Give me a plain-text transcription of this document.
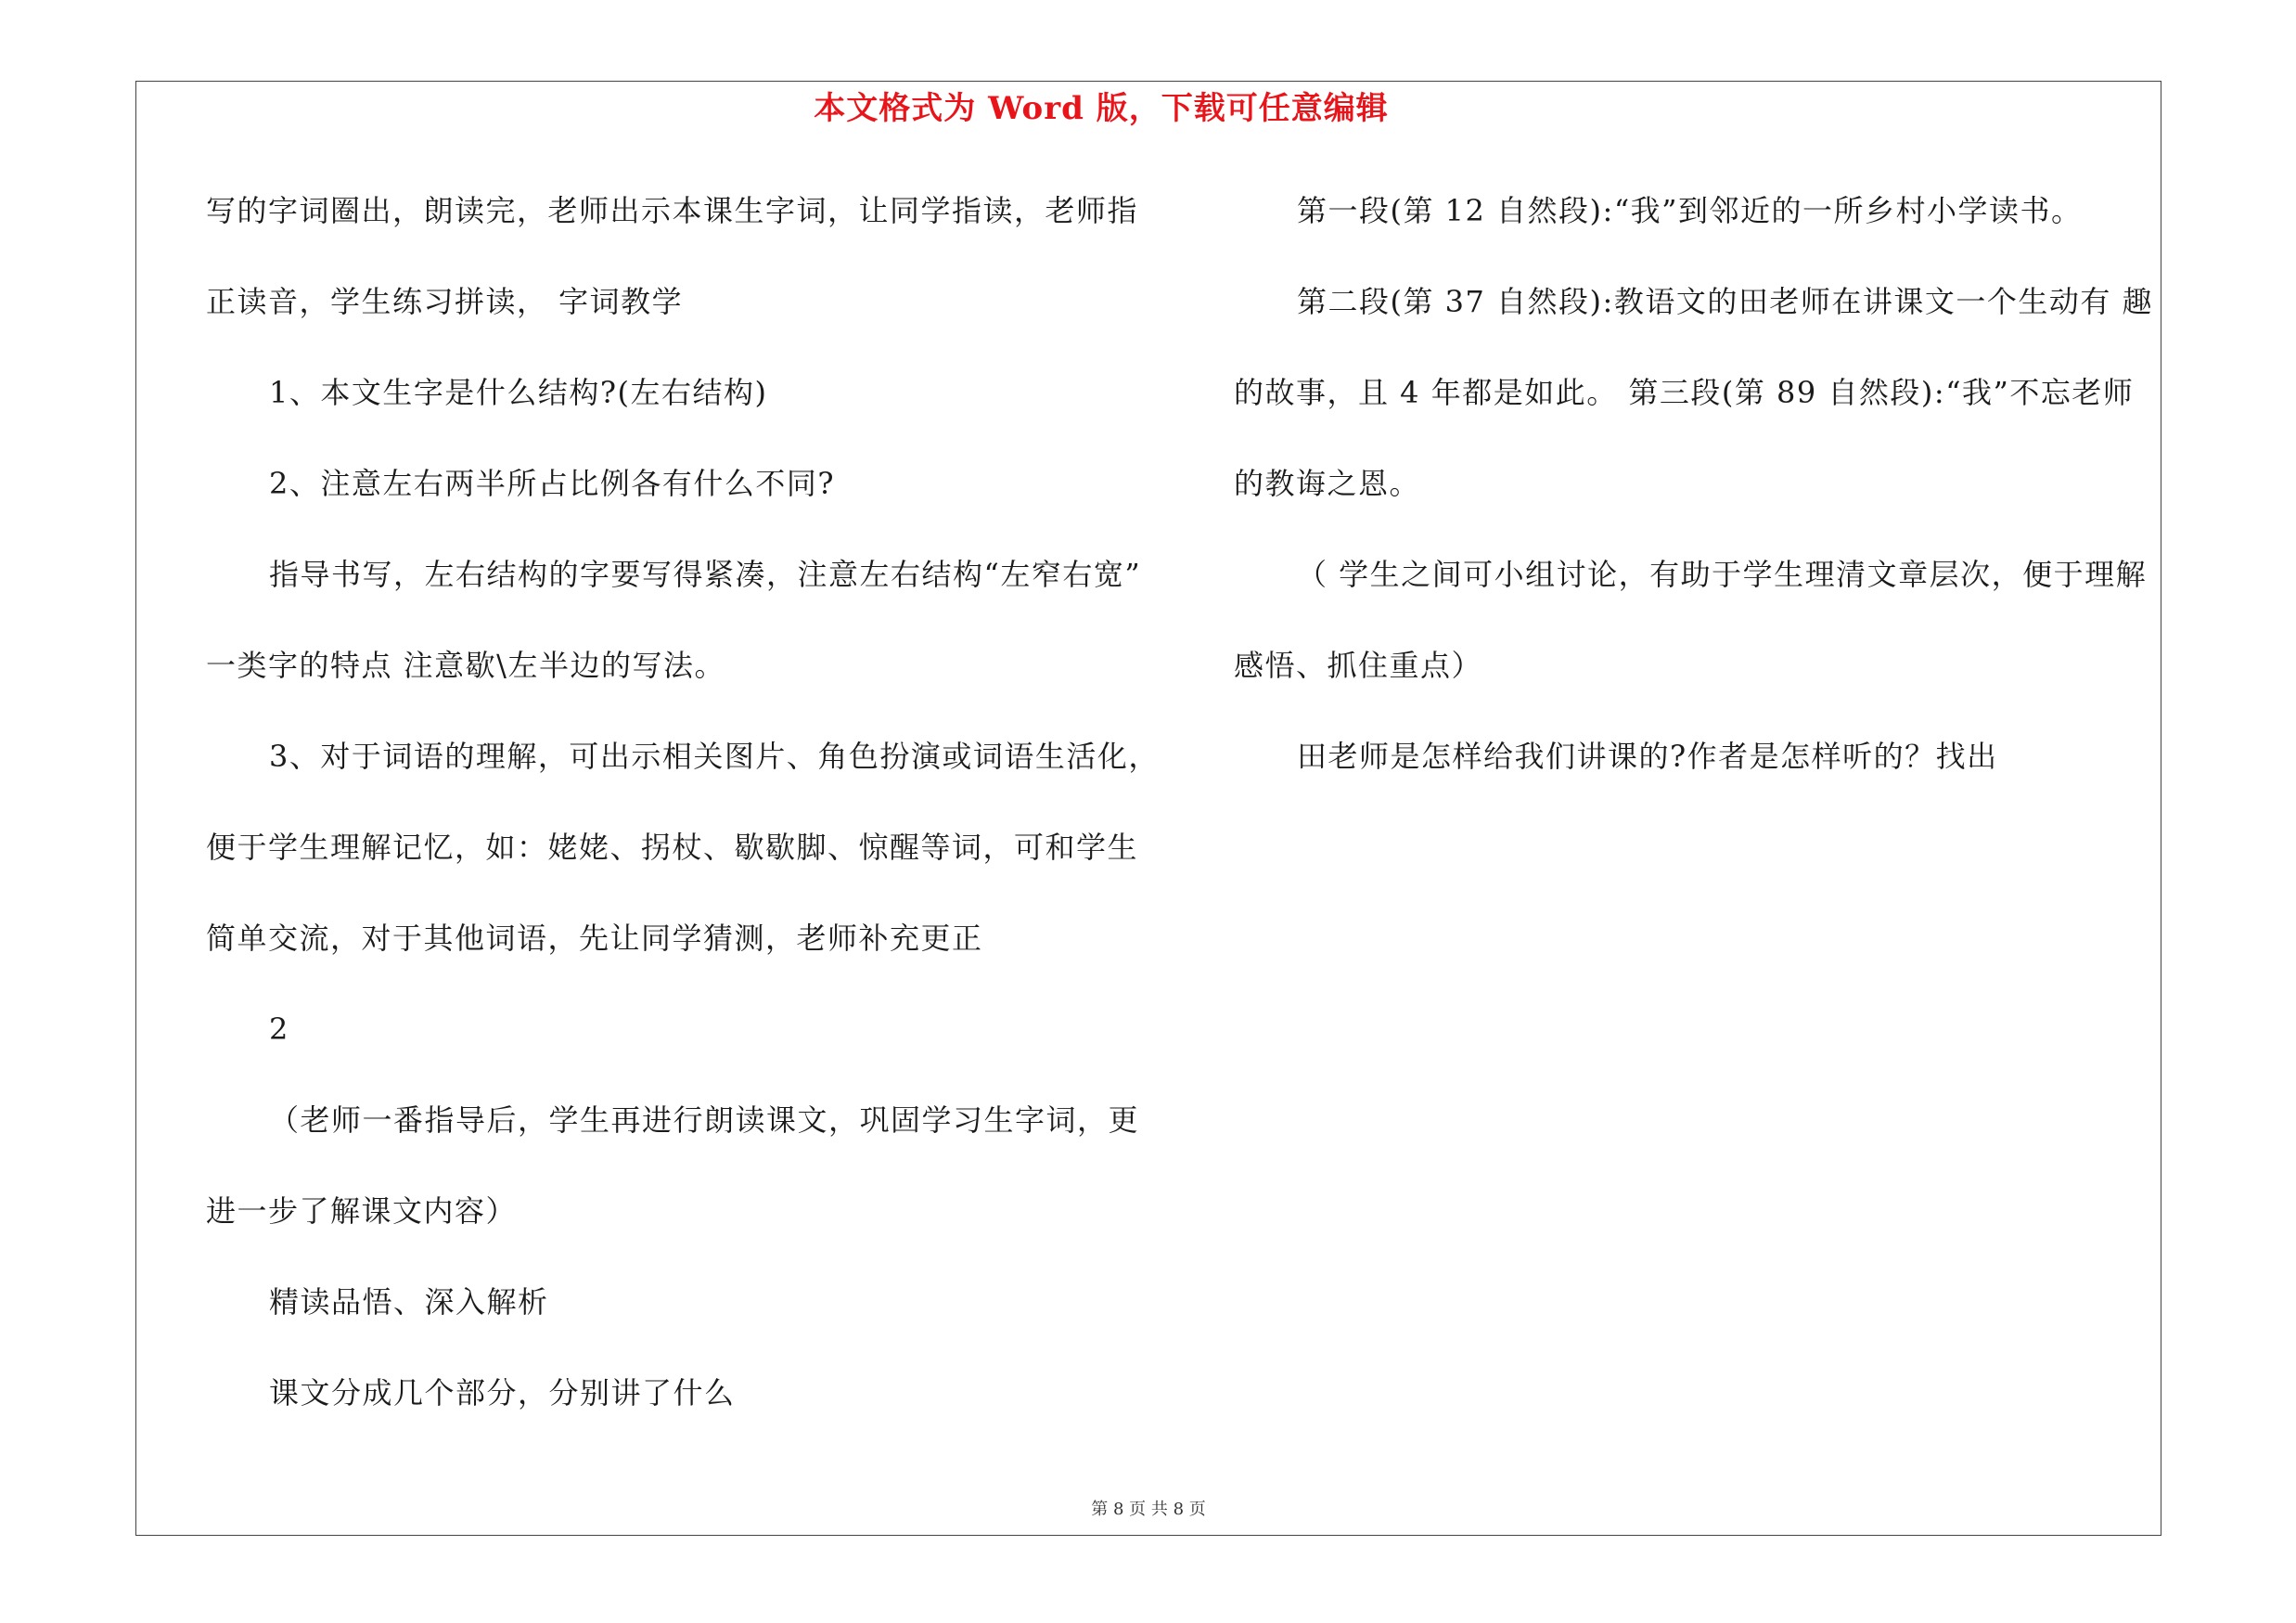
本文格式为 Word 版，下载可任意编辑
写的字词圈出，朗读完，老师出示本课生字词，让同学指读，老师指
正读音，学生练习拼读， 字词教学
1、本文生字是什么结构?(左右结构)
2、注意左右两半所占比例各有什么不同?
指导书写，左右结构的字要写得紧凑，注意左右结构“左窄右宽”
一类字的特点 注意歇\左半边的写法。
3、对于词语的理解，可出示相关图片、角色扮演或词语生活化，
便于学生理解记忆，如：姥姥、拐杖、歇歇脚、惊醒等词，可和学生
简单交流，对于其他词语，先让同学猜测，老师补充更正
2
（老师一番指导后，学生再进行朗读课文，巩固学习生字词，更
进一步了解课文内容）
精读品悟、深入解析
课文分成几个部分，分别讲了什么
第一段(第 12 自然段):“我”到邻近的一所乡村小学读书。
第二段(第 37 自然段):教语文的田老师在讲课文一个生动有 趣
的故事，且 4 年都是如此。 第三段(第 89 自然段):“我”不忘老师
的教诲之恩。
（ 学生之间可小组讨论，有助于学生理清文章层次，便于理解
感悟、抓住重点）
田老师是怎样给我们讲课的?作者是怎样听的？找出
第 8 页 共 8 页
